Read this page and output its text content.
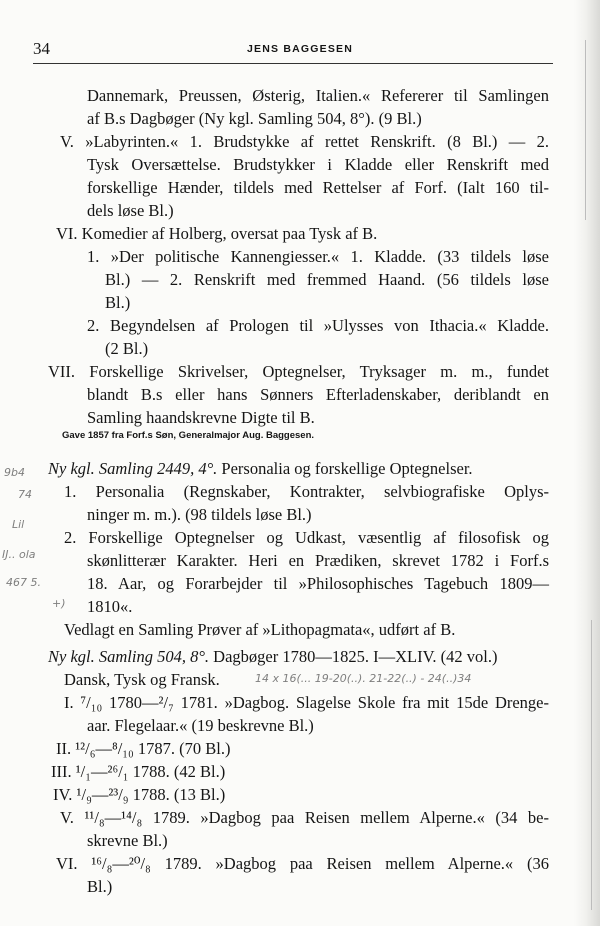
34	JENS BAGGESEN
Dannemark, Preussen, Østerig, Italien.« Refererer til Samlingen
af B.s Dagbøger (Ny kgl. Samling 504, 8°). (9 Bl.)
V. »Labyrinten.« 1. Brudstykke af rettet Renskrift. (8 Bl.) — 2.
Tysk Oversættelse. Brudstykker i Kladde eller Renskrift med
forskellige Hænder, tildels med Rettelser af Forf. (Ialt 160 til-
dels løse Bl.)
VI. Komedier af Holberg, oversat paa Tysk af B.
1. »Der politische Kannengiesser.« 1. Kladde. (33 tildels løse
Bl.) — 2. Renskrift med fremmed Haand. (56 tildels løse
Bl.)
2. Begyndelsen af Prologen til »Ulysses von Ithacia.« Kladde.
(2 Bl.)
VII. Forskellige Skrivelser, Optegnelser, Tryksager m. m., fundet
blandt B.s eller hans Sønners Efterladenskaber, deriblandt en
Samling haandskrevne Digte til B.
Gave 1857 fra Forf.s Søn, Generalmajor Aug. Baggesen.
Ny kgl. Samling 2449, 4°. Personalia og forskellige Optegnelser.
1. Personalia (Regnskaber, Kontrakter, selvbiografiske Oplys-
ninger m. m.). (98 tildels løse Bl.)
2. Forskellige Optegnelser og Udkast, væsentlig af filosofisk og
skønlitterær Karakter. Heri en Prædiken, skrevet 1782 i Forf.s
18. Aar, og Forarbejder til »Philosophisches Tagebuch 1809—
1810«.
Vedlagt en Samling Prøver af »Lithopagmata«, udført af B.
Ny kgl. Samling 504, 8°. Dagbøger 1780—1825. I—XLIV. (42 vol.)
Dansk, Tysk og Fransk.
I. ⁷/₁₀ 1780—²/₇ 1781. »Dagbog. Slagelse Skole fra mit 15de Drenge-
aar. Flegelaar.« (19 beskrevne Bl.)
II. ¹²/₆—⁸/₁₀ 1787. (70 Bl.)
III. ¹/₁—²⁶/₁ 1788. (42 Bl.)
IV. ¹/₉—²³/₉ 1788. (13 Bl.)
V. ¹¹/₈—¹⁴/₈ 1789. »Dagbog paa Reisen mellem Alperne.« (34 be-
skrevne Bl.)
VI. ¹⁶/₈—²⁰/₈ 1789. »Dagbog paa Reisen mellem Alperne.« (36
Bl.)
9b4
74
Lil
Ĳ.. ola
467 5.
+)
14 x 16(... 19-20(..). 21-22(..) - 24(..)34
